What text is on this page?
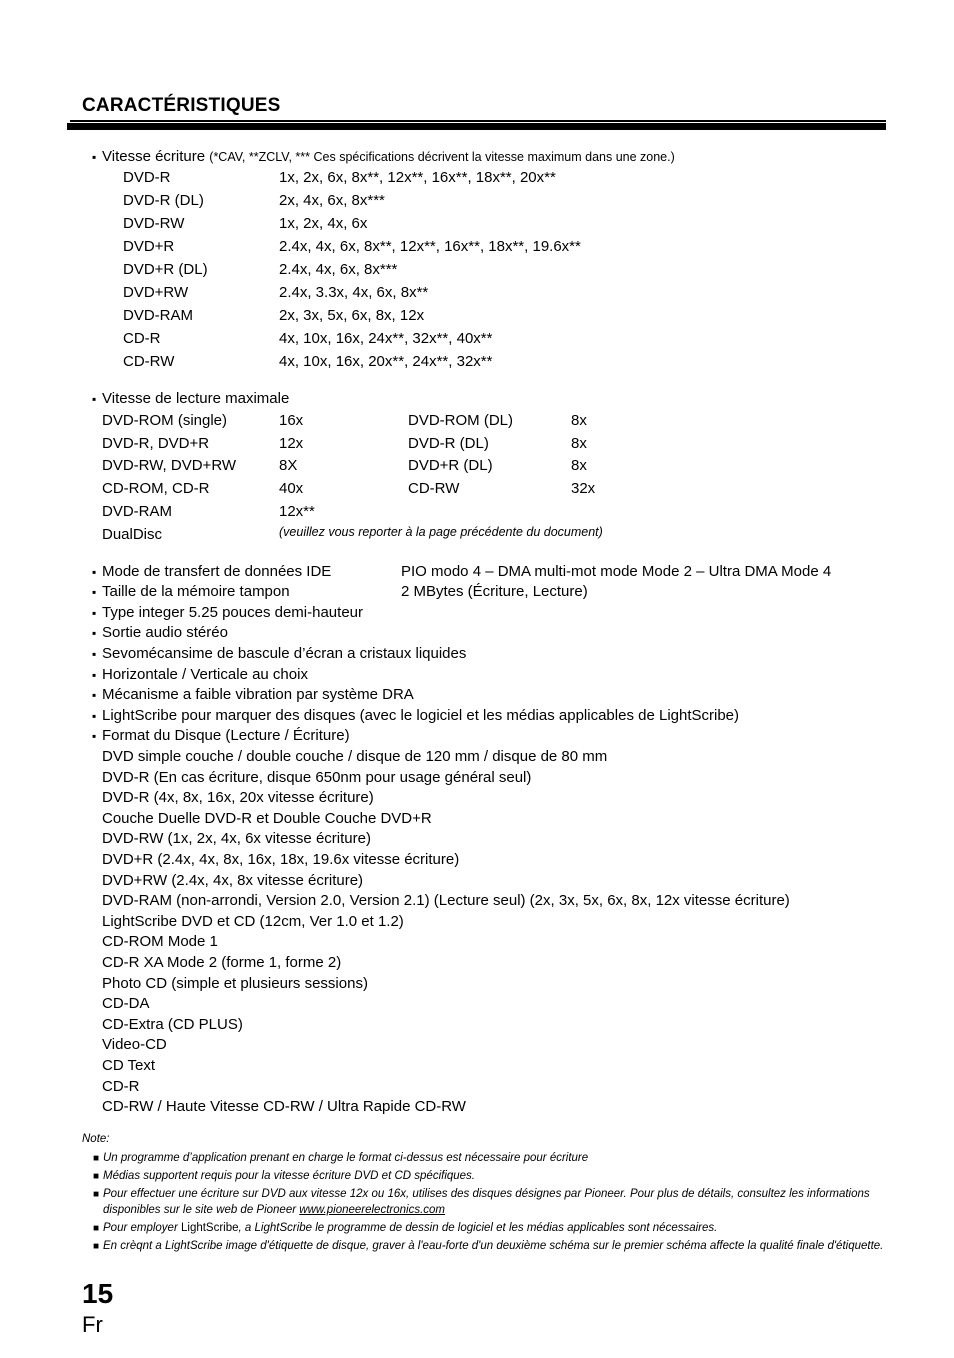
CARACTÉRISTIQUES
▪ Vitesse écriture (*CAV, **ZCLV, *** Ces spécifications décrivent la vitesse maximum dans une zone.)
DVD-R	1x, 2x, 6x, 8x**, 12x**, 16x**, 18x**, 20x**
DVD-R (DL)	2x, 4x, 6x, 8x***
DVD-RW	1x, 2x, 4x, 6x
DVD+R	2.4x, 4x, 6x, 8x**, 12x**, 16x**, 18x**, 19.6x**
DVD+R (DL)	2.4x, 4x, 6x, 8x***
DVD+RW	2.4x, 3.3x, 4x, 6x, 8x**
DVD-RAM	2x, 3x, 5x, 6x, 8x, 12x
CD-R	4x, 10x, 16x, 24x**, 32x**, 40x**
CD-RW	4x, 10x, 16x, 20x**, 24x**, 32x**
▪ Vitesse de lecture maximale
DVD-ROM (single)	16x	DVD-ROM (DL)	8x
DVD-R, DVD+R	12x	DVD-R (DL)	8x
DVD-RW, DVD+RW	8X	DVD+R (DL)	8x
CD-ROM, CD-R	40x	CD-RW	32x
DVD-RAM	12x**
DualDisc	(veuillez vous reporter à la page précédente du document)
▪ Mode de transfert de données IDE	PIO modo 4 – DMA multi-mot mode Mode 2 – Ultra DMA Mode 4
▪ Taille de la mémoire tampon	2 MBytes (Écriture, Lecture)
▪ Type integer 5.25 pouces demi-hauteur
▪ Sortie audio stéréo
▪ Sevomécansime de bascule d’écran a cristaux liquides
▪ Horizontale / Verticale au choix
▪ Mécanisme a faible vibration par système DRA
▪ LightScribe pour marquer des disques (avec le logiciel et les médias applicables de LightScribe)
▪ Format du Disque (Lecture / Écriture)
DVD simple couche / double couche / disque de 120 mm / disque de 80 mm
DVD-R (En cas écriture, disque 650nm pour usage général seul)
DVD-R (4x, 8x, 16x, 20x vitesse écriture)
Couche Duelle DVD-R et Double Couche DVD+R
DVD-RW (1x, 2x, 4x, 6x vitesse écriture)
DVD+R (2.4x, 4x, 8x, 16x, 18x, 19.6x vitesse écriture)
DVD+RW (2.4x, 4x, 8x vitesse écriture)
DVD-RAM (non-arrondi, Version 2.0, Version 2.1) (Lecture seul) (2x, 3x, 5x, 6x, 8x, 12x vitesse écriture)
LightScribe DVD et CD (12cm, Ver 1.0 et 1.2)
CD-ROM Mode 1
CD-R XA Mode 2 (forme 1, forme 2)
Photo CD (simple et plusieurs sessions)
CD-DA
CD-Extra (CD PLUS)
Video-CD
CD Text
CD-R
CD-RW / Haute Vitesse CD-RW / Ultra Rapide CD-RW
Note:
■ Un programme d’application prenant en charge le format ci-dessus est nécessaire pour écriture
■ Médias supportent requis pour la vitesse écriture DVD et CD spécifiques.
■ Pour effectuer une écriture sur DVD aux vitesse 12x ou 16x, utilises des disques désignes par Pioneer. Pour plus de détails, consultez les informations
disponibles sur le site web de Pioneer www.pioneerelectronics.com
■ Pour employer LightScribe, a LightScribe le programme de dessin de logiciel et les médias applicables sont nécessaires.
■ En crèqnt a LightScribe image d'étiquette de disque, graver à l'eau-forte d'un deuxième schéma sur le premier schéma affecte la qualité finale d'étiquette.
15
Fr
